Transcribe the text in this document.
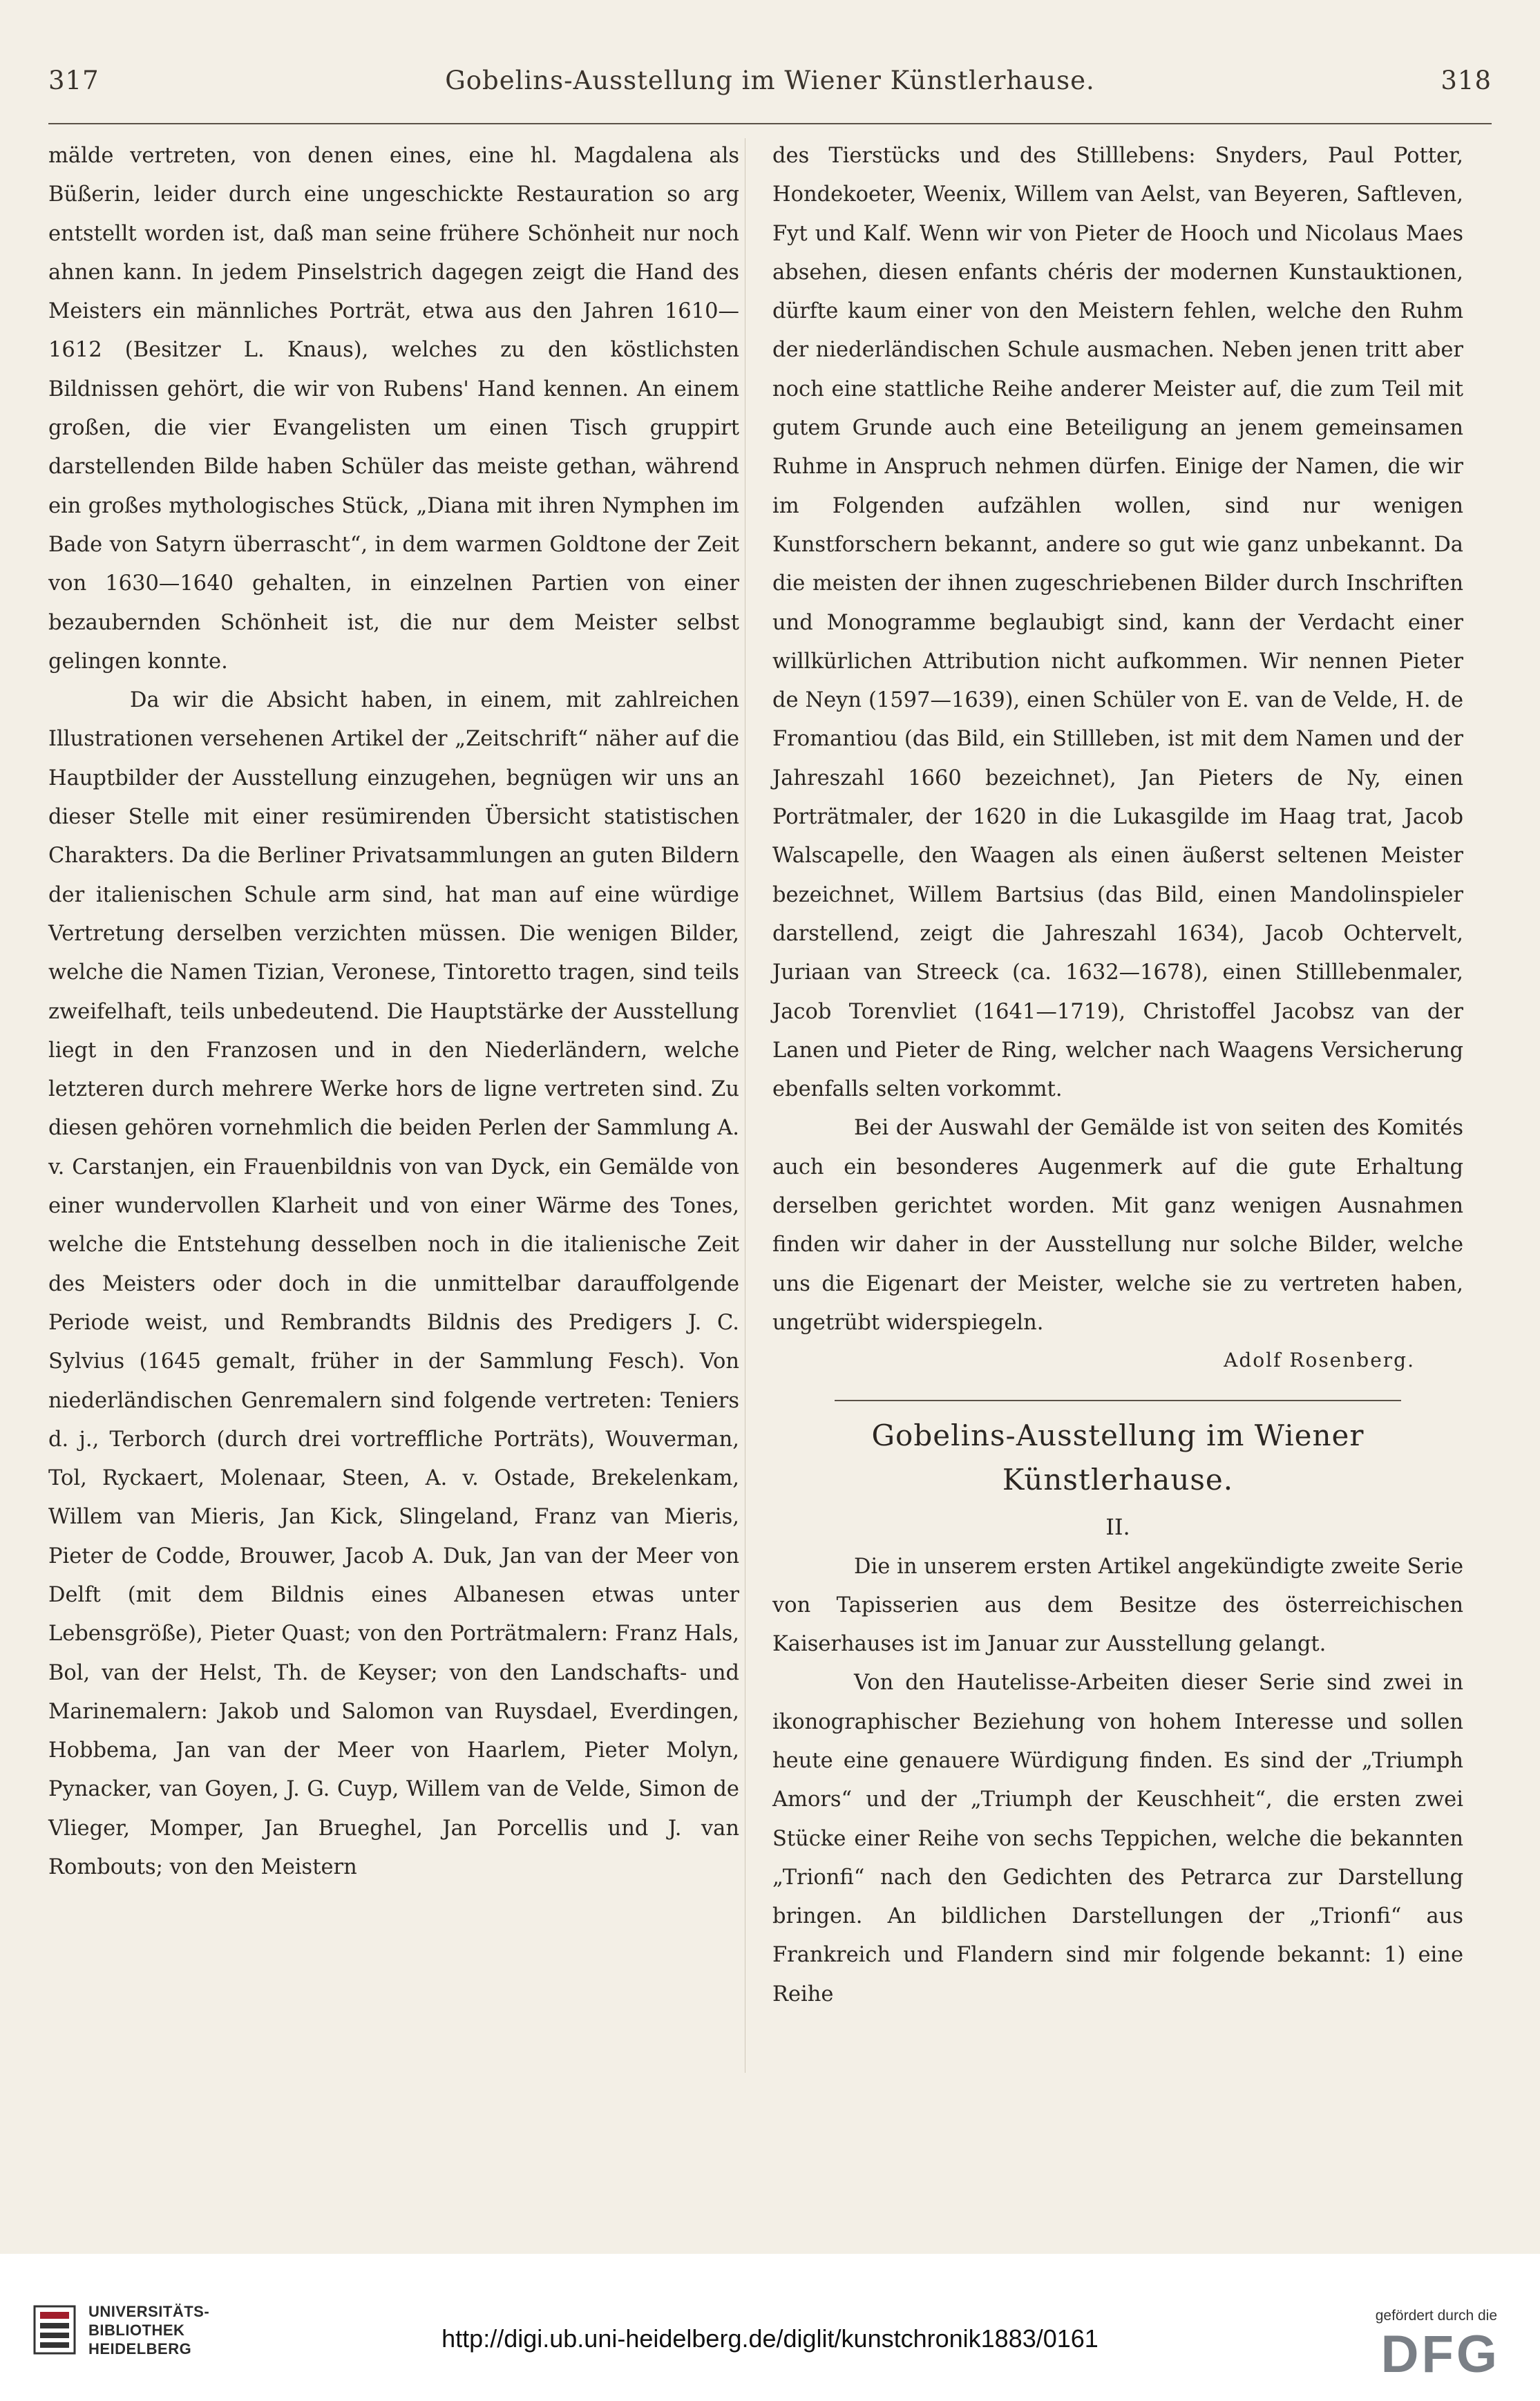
317	Gobelins-Ausstellung im Wiener Künstlerhause.	318

mälde vertreten, von denen eines, eine hl. Magdalena als Büßerin, leider durch eine ungeschickte Restauration so arg entstellt worden ist, daß man seine frühere Schönheit nur noch ahnen kann. In jedem Pinselstrich dagegen zeigt die Hand des Meisters ein männliches Porträt, etwa aus den Jahren 1610—1612 (Besitzer L. Knaus), welches zu den köstlichsten Bildnissen gehört, die wir von Rubens' Hand kennen. An einem großen, die vier Evangelisten um einen Tisch gruppirt darstellenden Bilde haben Schüler das meiste gethan, während ein großes mythologisches Stück, „Diana mit ihren Nymphen im Bade von Satyrn überrascht“, in dem warmen Goldtone der Zeit von 1630—1640 gehalten, in einzelnen Partien von einer bezaubernden Schönheit ist, die nur dem Meister selbst gelingen konnte.

Da wir die Absicht haben, in einem, mit zahlreichen Illustrationen versehenen Artikel der „Zeitschrift“ näher auf die Hauptbilder der Ausstellung einzugehen, begnügen wir uns an dieser Stelle mit einer resümirenden Übersicht statistischen Charakters. Da die Berliner Privatsammlungen an guten Bildern der italienischen Schule arm sind, hat man auf eine würdige Vertretung derselben verzichten müssen. Die wenigen Bilder, welche die Namen Tizian, Veronese, Tintoretto tragen, sind teils zweifelhaft, teils unbedeutend. Die Hauptstärke der Ausstellung liegt in den Franzosen und in den Niederländern, welche letzteren durch mehrere Werke hors de ligne vertreten sind. Zu diesen gehören vornehmlich die beiden Perlen der Sammlung A. v. Carstanjen, ein Frauenbildnis von van Dyck, ein Gemälde von einer wundervollen Klarheit und von einer Wärme des Tones, welche die Entstehung desselben noch in die italienische Zeit des Meisters oder doch in die unmittelbar darauffolgende Periode weist, und Rembrandts Bildnis des Predigers J. C. Sylvius (1645 gemalt, früher in der Sammlung Fesch). Von niederländischen Genremalern sind folgende vertreten: Teniers d. j., Terborch (durch drei vortreffliche Porträts), Wouverman, Tol, Ryckaert, Molenaar, Steen, A. v. Ostade, Brekelenkam, Willem van Mieris, Jan Kick, Slingeland, Franz van Mieris, Pieter de Codde, Brouwer, Jacob A. Duk, Jan van der Meer von Delft (mit dem Bildnis eines Albanesen etwas unter Lebensgröße), Pieter Quast; von den Porträtmalern: Franz Hals, Bol, van der Helst, Th. de Keyser; von den Landschafts- und Marinemalern: Jakob und Salomon van Ruysdael, Everdingen, Hobbema, Jan van der Meer von Haarlem, Pieter Molyn, Pynacker, van Goyen, J. G. Cuyp, Willem van de Velde, Simon de Vlieger, Momper, Jan Brueghel, Jan Porcellis und J. van Rombouts; von den Meistern

des Tierstücks und des Stilllebens: Snyders, Paul Potter, Hondekoeter, Weenix, Willem van Aelst, van Beyeren, Saftleven, Fyt und Kalf. Wenn wir von Pieter de Hooch und Nicolaus Maes absehen, diesen enfants chéris der modernen Kunstauktionen, dürfte kaum einer von den Meistern fehlen, welche den Ruhm der niederländischen Schule ausmachen. Neben jenen tritt aber noch eine stattliche Reihe anderer Meister auf, die zum Teil mit gutem Grunde auch eine Beteiligung an jenem gemeinsamen Ruhme in Anspruch nehmen dürfen. Einige der Namen, die wir im Folgenden aufzählen wollen, sind nur wenigen Kunstforschern bekannt, andere so gut wie ganz unbekannt. Da die meisten der ihnen zugeschriebenen Bilder durch Inschriften und Monogramme beglaubigt sind, kann der Verdacht einer willkürlichen Attribution nicht aufkommen. Wir nennen Pieter de Neyn (1597—1639), einen Schüler von E. van de Velde, H. de Fromantiou (das Bild, ein Stillleben, ist mit dem Namen und der Jahreszahl 1660 bezeichnet), Jan Pieters de Ny, einen Porträtmaler, der 1620 in die Lukasgilde im Haag trat, Jacob Walscapelle, den Waagen als einen äußerst seltenen Meister bezeichnet, Willem Bartsius (das Bild, einen Mandolinspieler darstellend, zeigt die Jahreszahl 1634), Jacob Ochtervelt, Juriaan van Streeck (ca. 1632—1678), einen Stilllebenmaler, Jacob Torenvliet (1641—1719), Christoffel Jacobsz van der Lanen und Pieter de Ring, welcher nach Waagens Versicherung ebenfalls selten vorkommt.

Bei der Auswahl der Gemälde ist von seiten des Komités auch ein besonderes Augenmerk auf die gute Erhaltung derselben gerichtet worden. Mit ganz wenigen Ausnahmen finden wir daher in der Ausstellung nur solche Bilder, welche uns die Eigenart der Meister, welche sie zu vertreten haben, ungetrübt widerspiegeln.

Adolf Rosenberg.

Gobelins-Ausstellung im Wiener Künstlerhause.

II.

Die in unserem ersten Artikel angekündigte zweite Serie von Tapisserien aus dem Besitze des österreichischen Kaiserhauses ist im Januar zur Ausstellung gelangt.

Von den Hautelisse-Arbeiten dieser Serie sind zwei in ikonographischer Beziehung von hohem Interesse und sollen heute eine genauere Würdigung finden. Es sind der „Triumph Amors“ und der „Triumph der Keuschheit“, die ersten zwei Stücke einer Reihe von sechs Teppichen, welche die bekannten „Trionfi“ nach den Gedichten des Petrarca zur Darstellung bringen. An bildlichen Darstellungen der „Trionfi“ aus Frankreich und Flandern sind mir folgende bekannt: 1) eine Reihe

UNIVERSITÄTS-
BIBLIOTHEK
HEIDELBERG	http://digi.ub.uni-heidelberg.de/diglit/kunstchronik1883/0161
gefördert durch die
DFG
